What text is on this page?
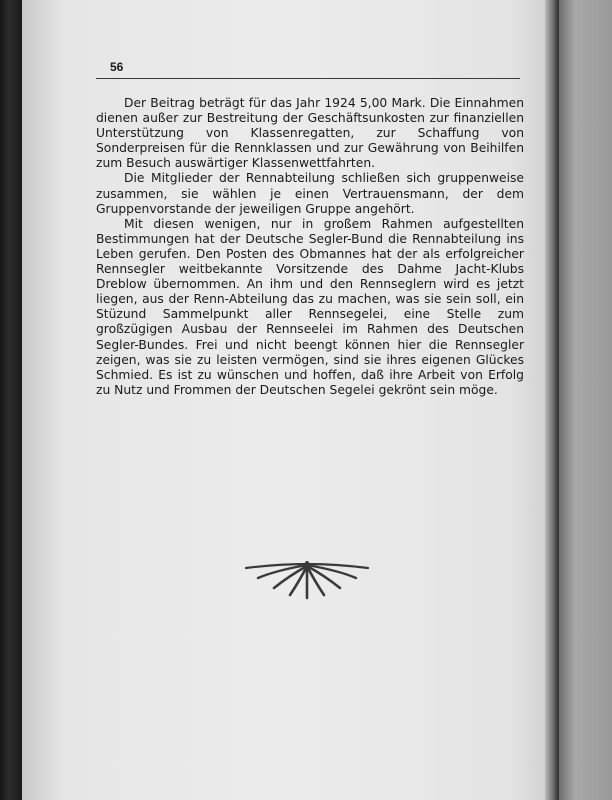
56

Der Beitrag beträgt für das Jahr 1924 5,00 Mark. Die Einnahmen dienen außer zur Bestreitung der Geschäftsunkosten zur finanziellen Unterstützung von Klassenregatten, zur Schaffung von Sonderpreisen für die Rennklassen und zur Gewährung von Beihilfen zum Besuch auswärtiger Klassenwettfahrten.

Die Mitglieder der Rennabteilung schließen sich gruppenweise zusammen, sie wählen je einen Vertrauensmann, der dem Gruppenvorstande der jeweiligen Gruppe angehört.

Mit diesen wenigen, nur in großem Rahmen aufgestellten Bestimmungen hat der Deutsche Segler-Bund die Rennabteilung ins Leben gerufen. Den Posten des Obmannes hat der als erfolgreicher Rennsegler weitbekannte Vorsitzende des Dahme Jacht-Klubs Dreblow übernommen. An ihm und den Rennseglern wird es jetzt liegen, aus der Renn-Abteilung das zu machen, was sie sein soll, ein Stüzund Sammelpunkt aller Rennsegelei, eine Stelle zum großzügigen Ausbau der Rennseelei im Rahmen des Deutschen Segler-Bundes. Frei und nicht beengt können hier die Rennsegler zeigen, was sie zu leisten vermögen, sind sie ihres eigenen Glückes Schmied. Es ist zu wünschen und hoffen, daß ihre Arbeit von Erfolg zu Nutz und Frommen der Deutschen Segelei gekrönt sein möge.
